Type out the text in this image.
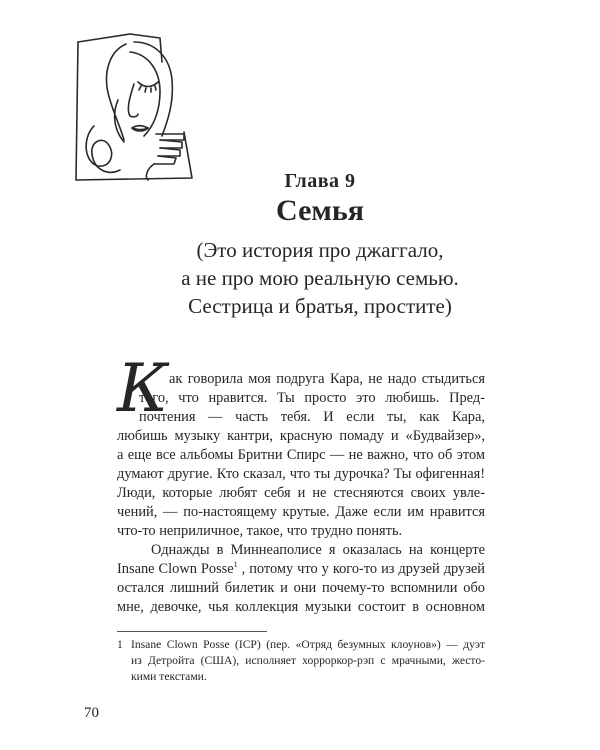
Глава 9
Семья
(Это история про джаггало,
а не про мою реальную семью.
Сестрица и братья, простите)
К ак говорила моя подруга Кара, не надо стыдиться
того, что нравится. Ты просто это любишь. Пред-
почтения — часть тебя. И если ты, как Кара,
любишь музыку кантри, красную помаду и «Будвайзер»,
а еще все альбомы Бритни Спирс — не важно, что об этом
думают другие. Кто сказал, что ты дурочка? Ты офигенная!
Люди, которые любят себя и не стесняются своих увле-
чений, — по-настоящему крутые. Даже если им нравится
что-то неприличное, такое, что трудно понять.
Однажды в Миннеаполисе я оказалась на концерте
Insane Clown Posse$^1$ , потому что у кого-то из друзей друзей
остался лишний билетик и они почему-то вспомнили обо
мне, девочке, чья коллекция музыки состоит в основном
1 Insane Clown Posse (ICP) (пер. «Отряд безумных клоунов») — дуэт
из Детройта (США), исполняет хорроркор-рэп с мрачными, жесто-
кими текстами.
70
